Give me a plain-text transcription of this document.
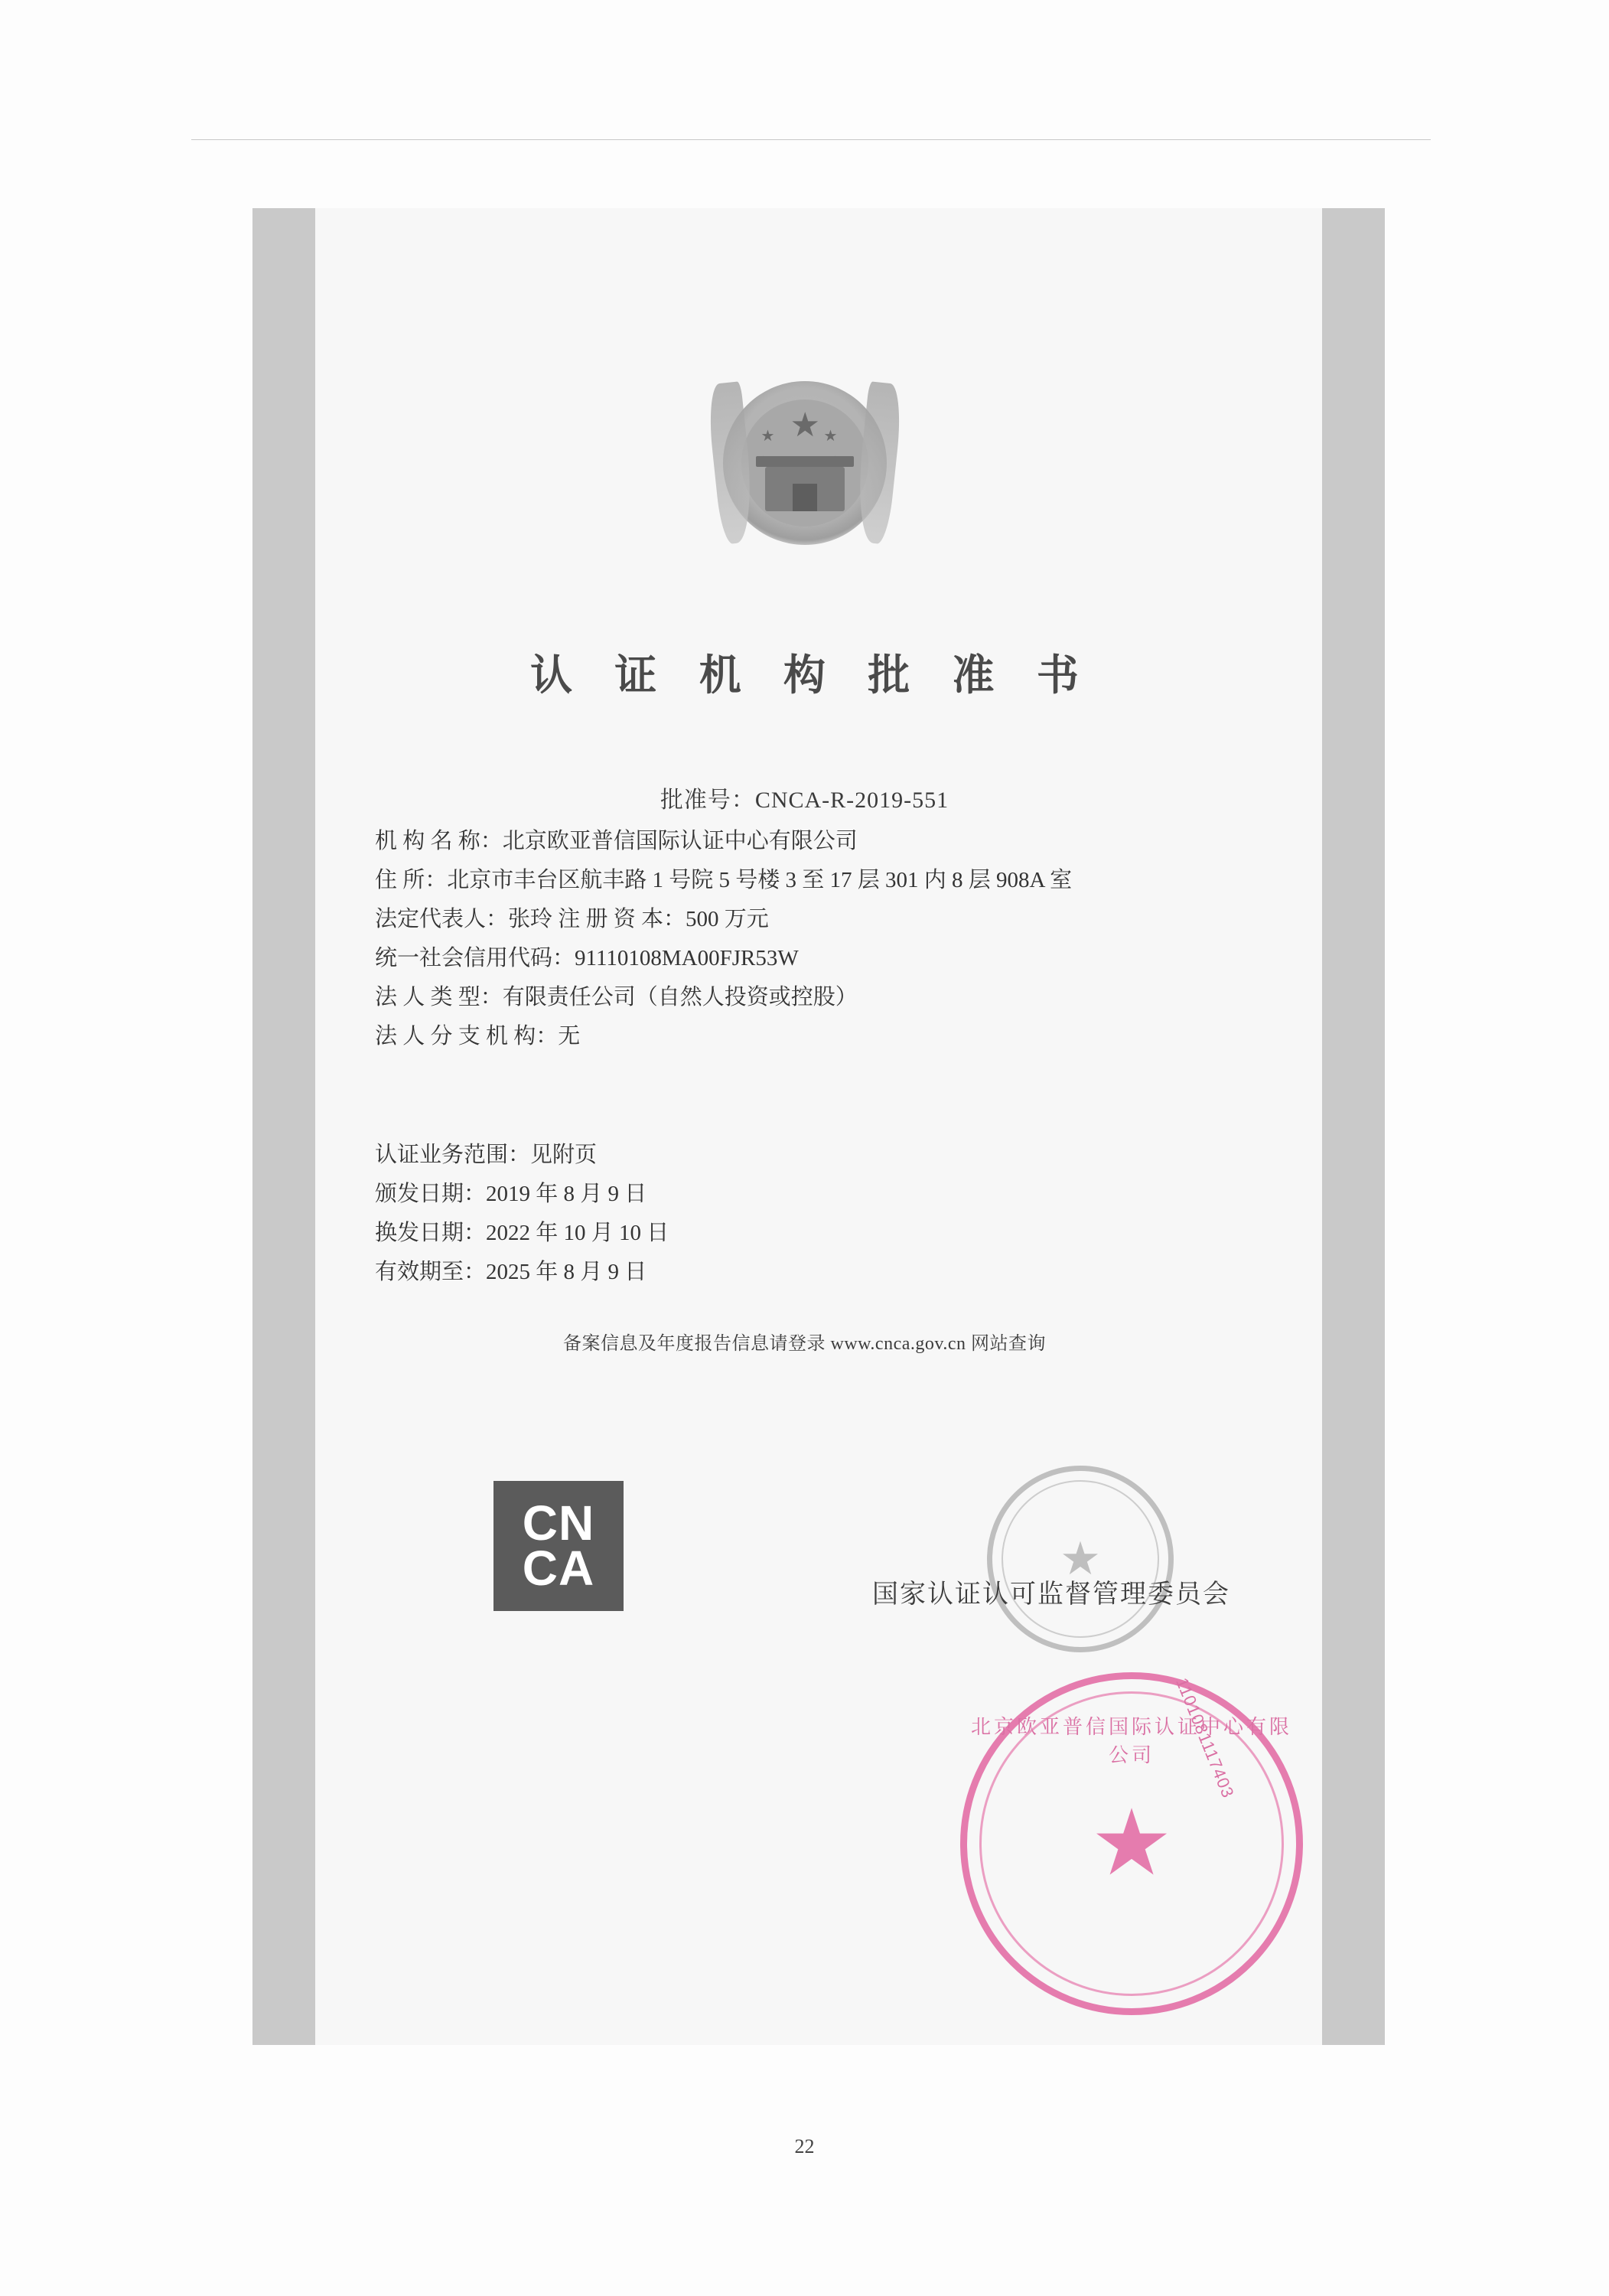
★
★	★
认 证 机 构 批 准 书
批准号：CNCA-R-2019-551
机 构 名 称： 北京欧亚普信国际认证中心有限公司
住 所： 北京市丰台区航丰路 1 号院 5 号楼 3 至 17 层 301 内 8 层 908A 室
法定代表人： 张玲 注 册 资 本：500 万元
统一社会信用代码： 91110108MA00FJR53W
法 人 类 型： 有限责任公司（自然人投资或控股）
法 人 分 支 机 构： 无
认证业务范围： 见附页
颁发日期： 2019 年 8 月 9 日
换发日期： 2022 年 10 月 10 日
有效期至： 2025 年 8 月 9 日
备案信息及年度报告信息请登录 www.cnca.gov.cn 网站查询
CN
CA	★
国家认证认可监督管理委员会
北京欧亚普信国际认证中心有限公司	1101081117403
★
22
